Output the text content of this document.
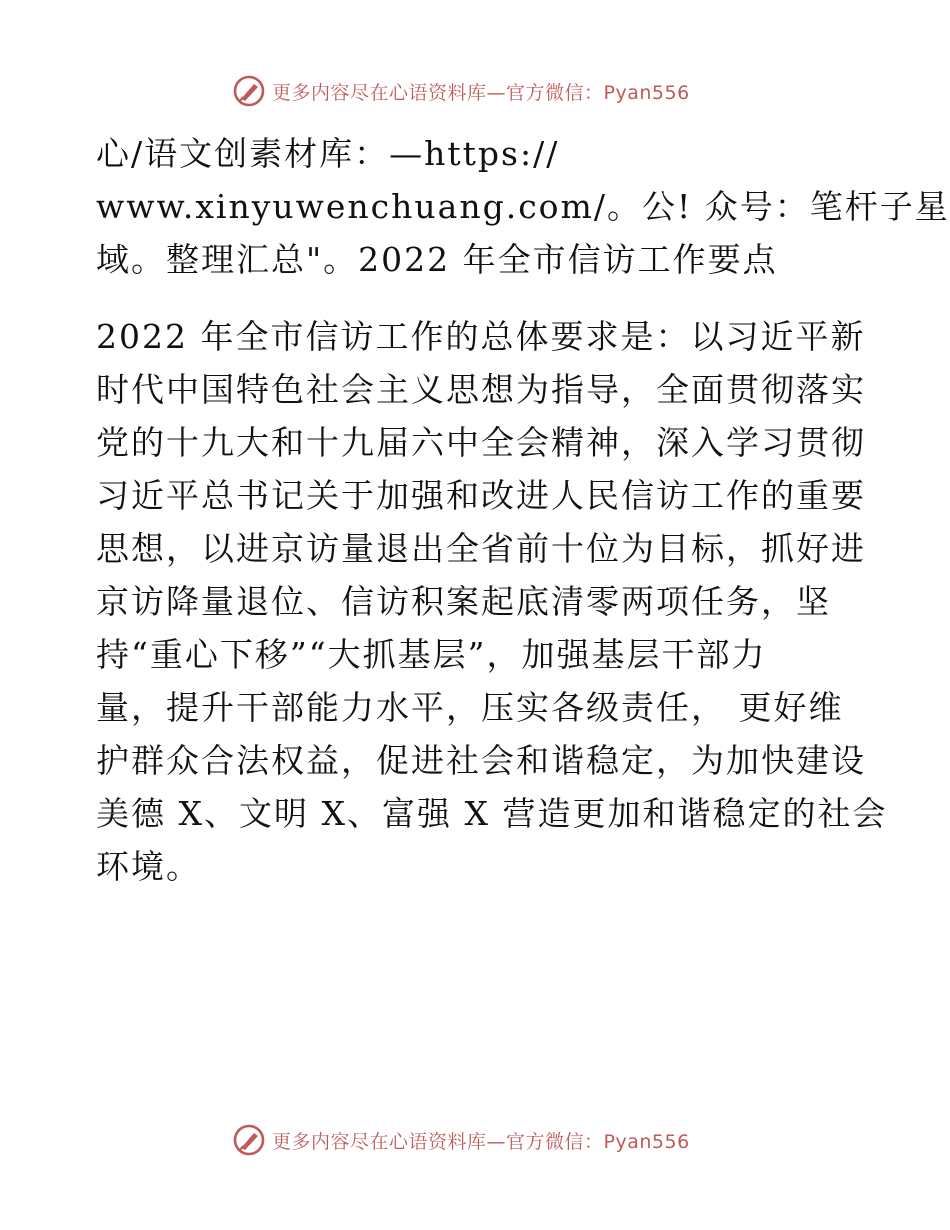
更多内容尽在心语资料库—官方微信：Pyan556
心/语文创素材库：—https://
www.xinyuwenchuang.com/。公! 众号：笔杆子星
域。整理汇总"。2022 年全市信访工作要点
2022 年全市信访工作的总体要求是：以习近平新
时代中国特色社会主义思想为指导，全面贯彻落实
党的十九大和十九届六中全会精神，深入学习贯彻
习近平总书记关于加强和改进人民信访工作的重要
思想，以进京访量退出全省前十位为目标，抓好进
京访降量退位、信访积案起底清零两项任务，坚
持“重心下移”“大抓基层”，加强基层干部力
量，提升干部能力水平，压实各级责任， 更好维
护群众合法权益，促进社会和谐稳定，为加快建设
美德 X、文明 X、富强 X 营造更加和谐稳定的社会
环境。
更多内容尽在心语资料库—官方微信：Pyan556
